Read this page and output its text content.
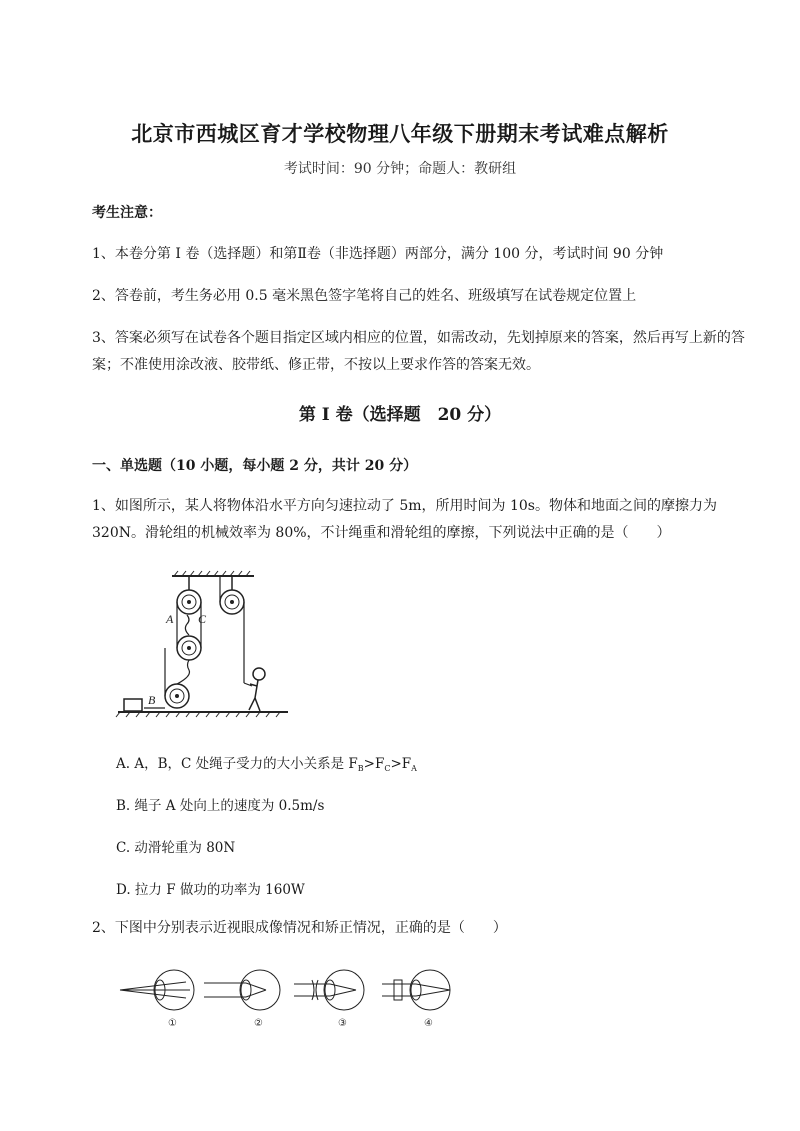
北京市西城区育才学校物理八年级下册期末考试难点解析
考试时间：90 分钟；命题人：教研组
考生注意：
1、本卷分第 I 卷（选择题）和第Ⅱ卷（非选择题）两部分，满分 100 分，考试时间 90 分钟
2、答卷前，考生务必用 0.5 毫米黑色签字笔将自己的姓名、班级填写在试卷规定位置上
3、答案必须写在试卷各个题目指定区域内相应的位置，如需改动，先划掉原来的答案，然后再写上新的答案；不准使用涂改液、胶带纸、修正带，不按以上要求作答的答案无效。
第 I 卷（选择题　20 分）
一、单选题（10 小题，每小题 2 分，共计 20 分）
1、如图所示，某人将物体沿水平方向匀速拉动了 5m，所用时间为 10s。物体和地面之间的摩擦力为 320N。滑轮组的机械效率为 80%，不计绳重和滑轮组的摩擦，下列说法中正确的是（　　）
A C
B
A. A，B，C 处绳子受力的大小关系是 $F_B>F_C>F_A$
B. 绳子 A 处向上的速度为 0.5m/s
C. 动滑轮重为 80N
D. 拉力 F 做功的功率为 160W
2、下图中分别表示近视眼成像情况和矫正情况，正确的是（　　）
①	②	③	④
